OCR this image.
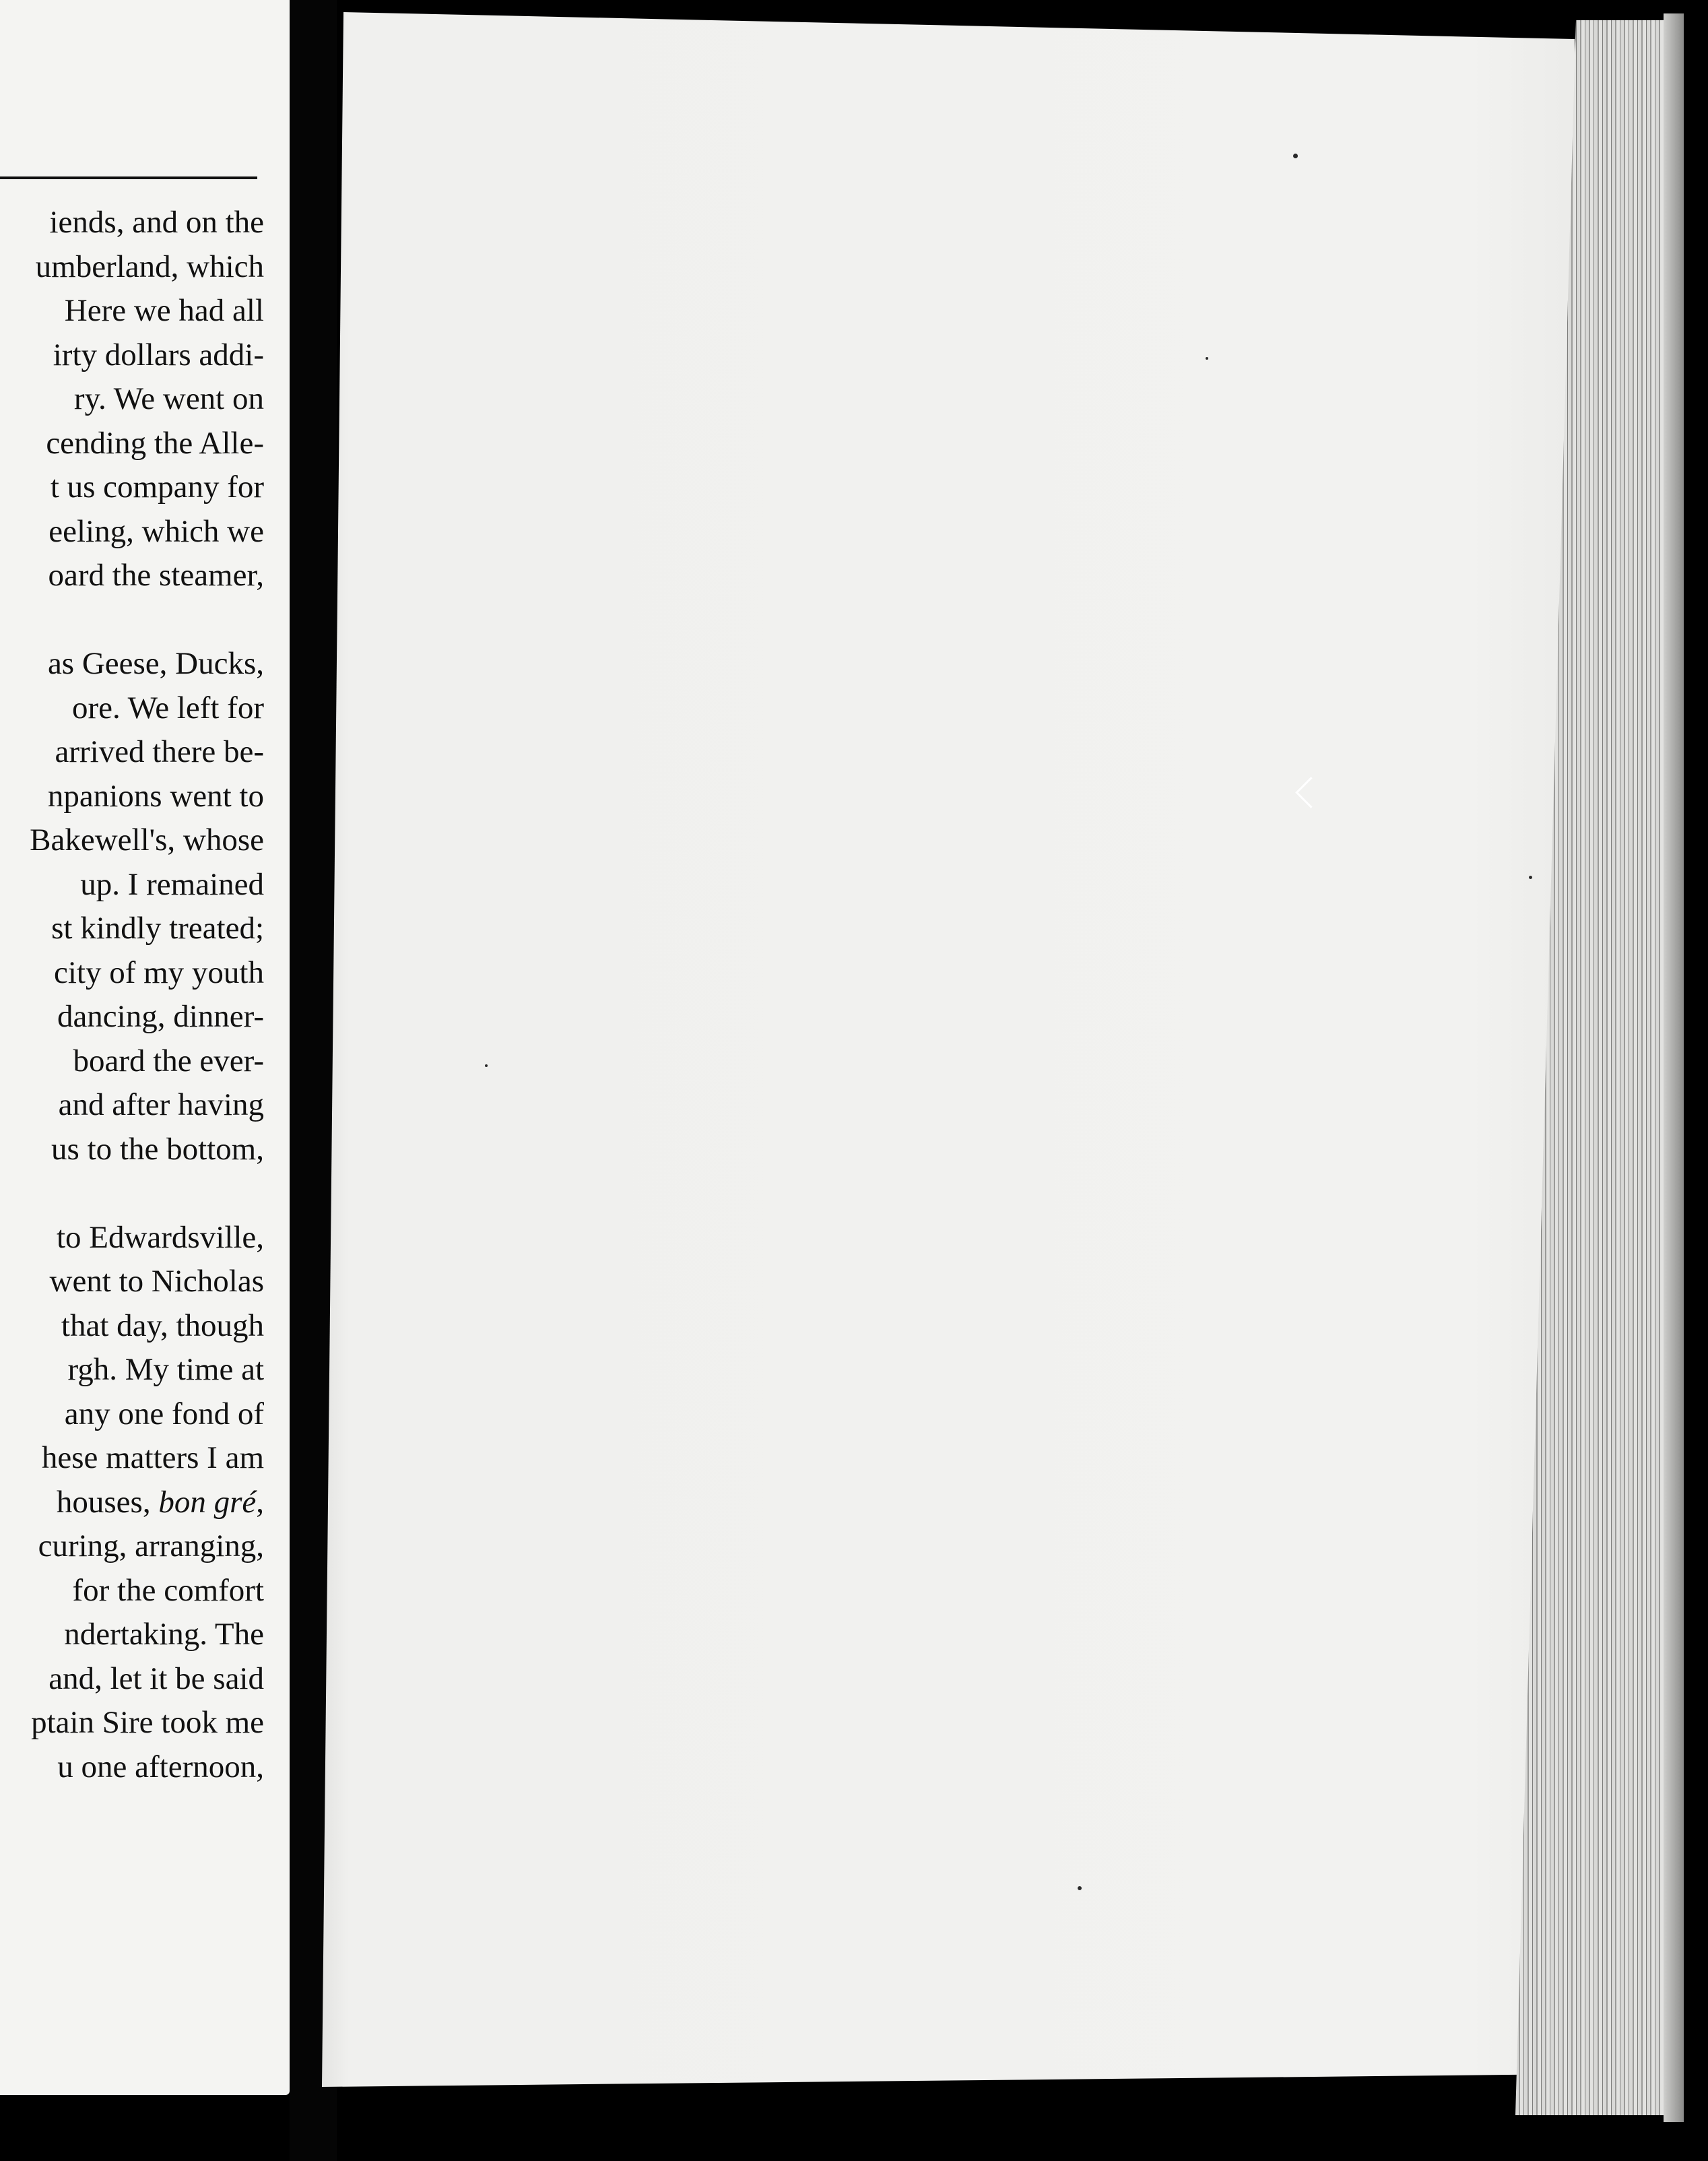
iends, and on the
umberland, which
Here we had all
irty dollars addi-
ry. We went on
cending the Alle-
t us company for
eeling, which we
oard the steamer,
as Geese, Ducks,
ore. We left for
arrived there be-
npanions went to
Bakewell's, whose
up. I remained
st kindly treated;
city of my youth
dancing, dinner-
board the ever-
and after having
us to the bottom,
to Edwardsville,
went to Nicholas
that day, though
rgh. My time at
any one fond of
hese matters I am
houses, bon gré,
curing, arranging,
for the comfort
ndertaking. The
and, let it be said
ptain Sire took me
u one afternoon,
